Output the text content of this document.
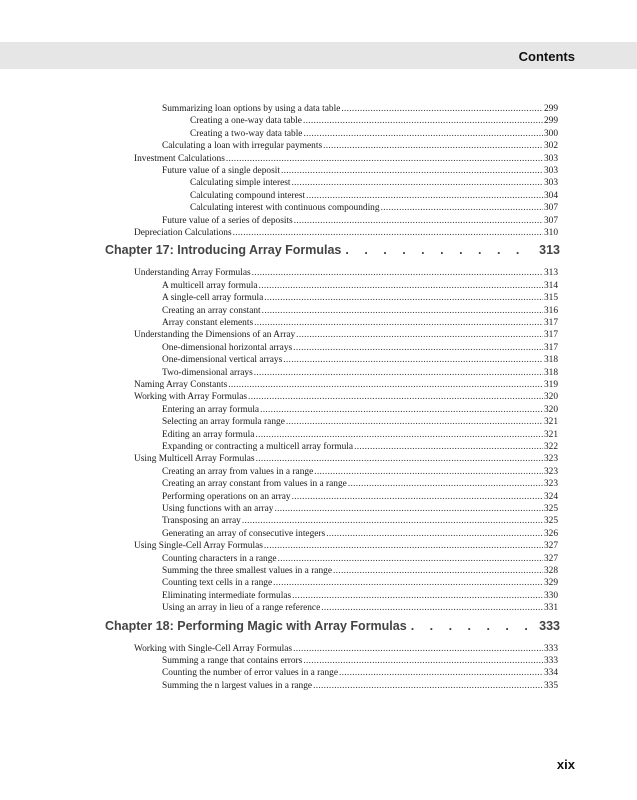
Contents
Summarizing loan options by using a data table .....	299
Creating a one-way data table .....	299
Creating a two-way data table .....	300
Calculating a loan with irregular payments .....	302
Investment Calculations .....	303
Future value of a single deposit .....	303
Calculating simple interest .....	303
Calculating compound interest .....	304
Calculating interest with continuous compounding .....	307
Future value of a series of deposits .....	307
Depreciation Calculations .....	310
Chapter 17: Introducing Array Formulas . . .	313
Understanding Array Formulas .....	313
A multicell array formula .....	314
A single-cell array formula .....	315
Creating an array constant .....	316
Array constant elements .....	317
Understanding the Dimensions of an Array .....	317
One-dimensional horizontal arrays .....	317
One-dimensional vertical arrays .....	318
Two-dimensional arrays .....	318
Naming Array Constants .....	319
Working with Array Formulas .....	320
Entering an array formula .....	320
Selecting an array formula range .....	321
Editing an array formula .....	321
Expanding or contracting a multicell array formula .....	322
Using Multicell Array Formulas .....	323
Creating an array from values in a range .....	323
Creating an array constant from values in a range .....	323
Performing operations on an array .....	324
Using functions with an array .....	325
Transposing an array .....	325
Generating an array of consecutive integers .....	326
Using Single-Cell Array Formulas .....	327
Counting characters in a range .....	327
Summing the three smallest values in a range .....	328
Counting text cells in a range .....	329
Eliminating intermediate formulas .....	330
Using an array in lieu of a range reference .....	331
Chapter 18: Performing Magic with Array Formulas . . .	333
Working with Single-Cell Array Formulas .....	333
Summing a range that contains errors .....	333
Counting the number of error values in a range .....	334
Summing the n largest values in a range .....	335
xix
